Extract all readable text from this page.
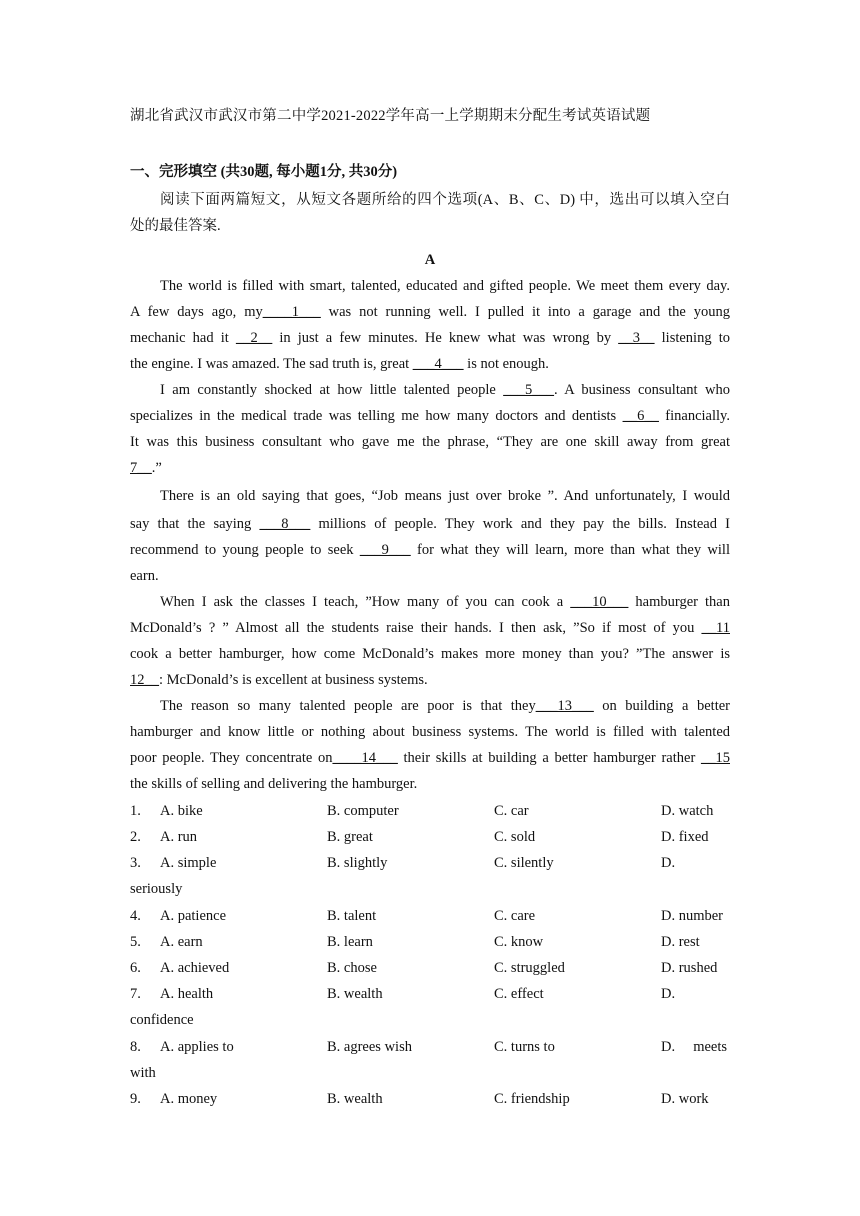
湖北省武汉市武汉市第二中学2021-2022学年高一上学期期末分配生考试英语试题
一、完形填空 (共30题, 每小题1分, 共30分)
阅读下面两篇短文，从短文各题所给的四个选项(A、B、C、D) 中，选出可以填入空白
处的最佳答案.
A
The world is filled with smart, talented, educated and gifted people. We meet them every day.
A few days ago, my____1___ was not running well. I pulled it into a garage and the young
mechanic had it __2__ in just a few minutes. He knew what was wrong by __3__ listening to
the engine. I was amazed. The sad truth is, great ___4___ is not enough.
I am constantly shocked at how little talented people ___5___. A business consultant who
specializes in the medical trade was telling me how many doctors and dentists __6__ financially.
It was this business consultant who gave me the phrase, “They are one skill away from great
7__.”
There is an old saying that goes, “Job means just over broke ”. And unfortunately, I would
say that the saying ___8___ millions of people. They work and they pay the bills. Instead I
recommend to young people to seek ___9___ for what they will learn, more than what they will
earn.
When I ask the classes I teach, ”How many of you can cook a ___10___ hamburger than
McDonald’s ? ” Almost all the students raise their hands. I then ask, ”So if most of you __11
cook a better hamburger, how come McDonald’s makes more money than you? ”The answer is
12__: McDonald’s is excellent at business systems.
The reason so many talented people are poor is that they___13___ on building a better
hamburger and know little or nothing about business systems. The world is filled with talented
poor people. They concentrate on____14___ their skills at building a better hamburger rather __15
the skills of selling and delivering the hamburger.
1. A. bike	B. computer	C. car	D. watch
2. A. run	B. great	C. sold	D. fixed
3. A. simple	B. slightly	C. silently	D.
seriously
4. A. patience	B. talent	C. care	D. number
5. A. earn	B. learn	C. know	D. rest
6. A. achieved	B. chose	C. struggled	D. rushed
7. A. health	B. wealth	C. effect	D.
confidence
8. A. applies to	B. agrees wish	C. turns to	D.     meets
with
9. A. money	B. wealth	C. friendship	D. work
